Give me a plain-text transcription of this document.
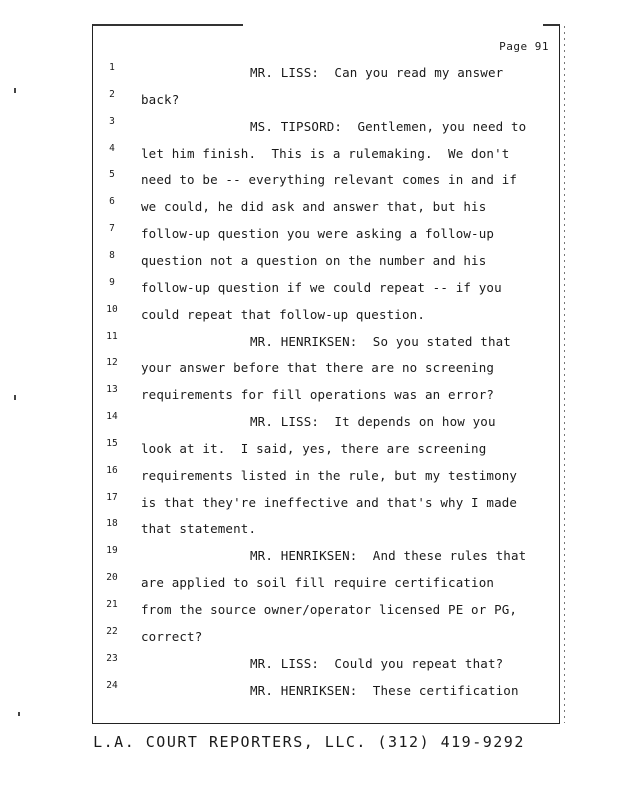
Page 91
1	MR. LISS:  Can you read my answer
2	back?
3	MS. TIPSORD:  Gentlemen, you need to
4	let him finish.  This is a rulemaking.  We don't
5	need to be -- everything relevant comes in and if
6	we could, he did ask and answer that, but his
7	follow-up question you were asking a follow-up
8	question not a question on the number and his
9	follow-up question if we could repeat -- if you
10	could repeat that follow-up question.
11	MR. HENRIKSEN:  So you stated that
12	your answer before that there are no screening
13	requirements for fill operations was an error?
14	MR. LISS:  It depends on how you
15	look at it.  I said, yes, there are screening
16	requirements listed in the rule, but my testimony
17	is that they're ineffective and that's why I made
18	that statement.
19	MR. HENRIKSEN:  And these rules that
20	are applied to soil fill require certification
21	from the source owner/operator licensed PE or PG,
22	correct?
23	MR. LISS:  Could you repeat that?
24	MR. HENRIKSEN:  These certification
L.A. COURT REPORTERS, LLC. (312) 419-9292
